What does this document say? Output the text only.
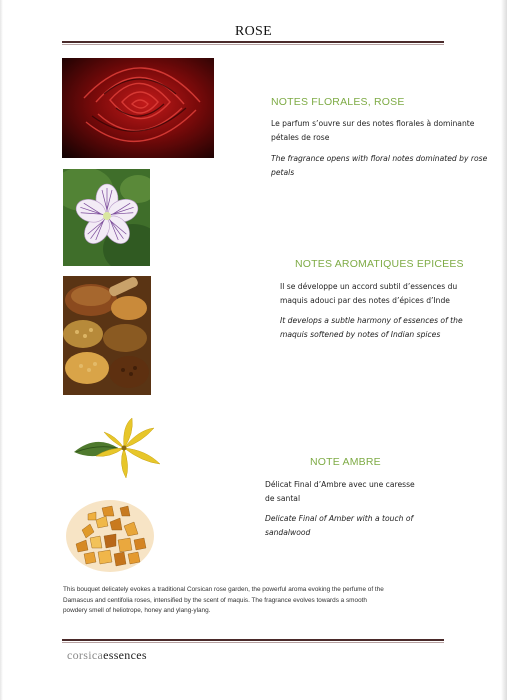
ROSE
NOTES FLORALES, ROSE
Le parfum s’ouvre sur des notes florales à dominante
pétales de rose
The fragrance opens with floral notes dominated by rose
petals
NOTES AROMATIQUES EPICEES
Il se développe un accord subtil d’essences du
maquis adouci par des notes d’épices d’Inde
It develops a subtle harmony of essences of the
maquis softened by notes of Indian spices
NOTE AMBRE
Délicat Final d’Ambre avec une caresse
de santal
Delicate Final of Amber with a touch of
sandalwood
This bouquet delicately evokes a traditional Corsican rose garden, the powerful aroma evoking the perfume of the
Damascus and centifolia roses, intensified by the scent of maquis. The fragrance evolves towards a smooth
powdery smell of heliotrope, honey and ylang-ylang.
corsicaessences
